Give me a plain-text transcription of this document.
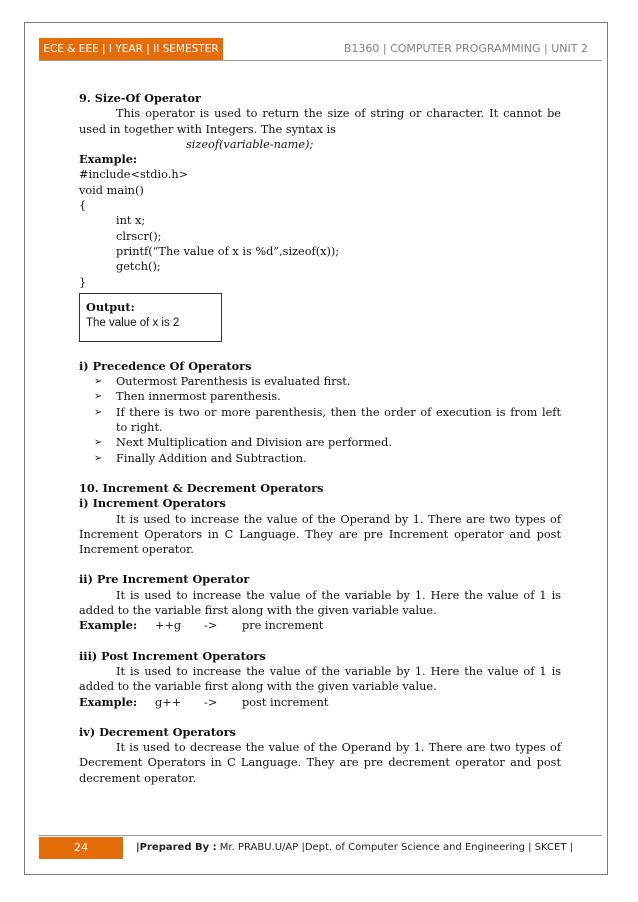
ECE & EEE | I YEAR | II SEMESTER	B1360 | COMPUTER PROGRAMMING | UNIT 2

9. Size-Of Operator

This operator is used to return the size of string or character. It cannot be used in together with Integers. The syntax is

sizeof(variable-name);

Example:

#include<stdio.h>

void main()

{

int x;

clrscr();

printf(“The value of x is %d”,sizeof(x));

getch();

}

Output:
The value of x is 2

i) Precedence Of Operators

➢ Outermost Parenthesis is evaluated first.
➢ Then innermost parenthesis.
➢ If there is two or more parenthesis, then the order of execution is from left to right.
➢ Next Multiplication and Division are performed.
➢ Finally Addition and Subtraction.

10. Increment & Decrement Operators

i) Increment Operators

It is used to increase the value of the Operand by 1. There are two types of Increment Operators in C Language. They are pre Increment operator and post Increment operator.

ii) Pre Increment Operator

It is used to increase the value of the variable by 1. Here the value of 1 is added to the variable first along with the given variable value.

Example:	++g	->	pre increment

iii) Post Increment Operators

It is used to increase the value of the variable by 1. Here the value of 1 is added to the variable first along with the given variable value.

Example:	g++	->	post increment

iv) Decrement Operators

It is used to decrease the value of the Operand by 1. There are two types of Decrement Operators in C Language. They are pre decrement operator and post decrement operator.

24	|Prepared By : Mr. PRABU.U/AP |Dept. of Computer Science and Engineering | SKCET |
